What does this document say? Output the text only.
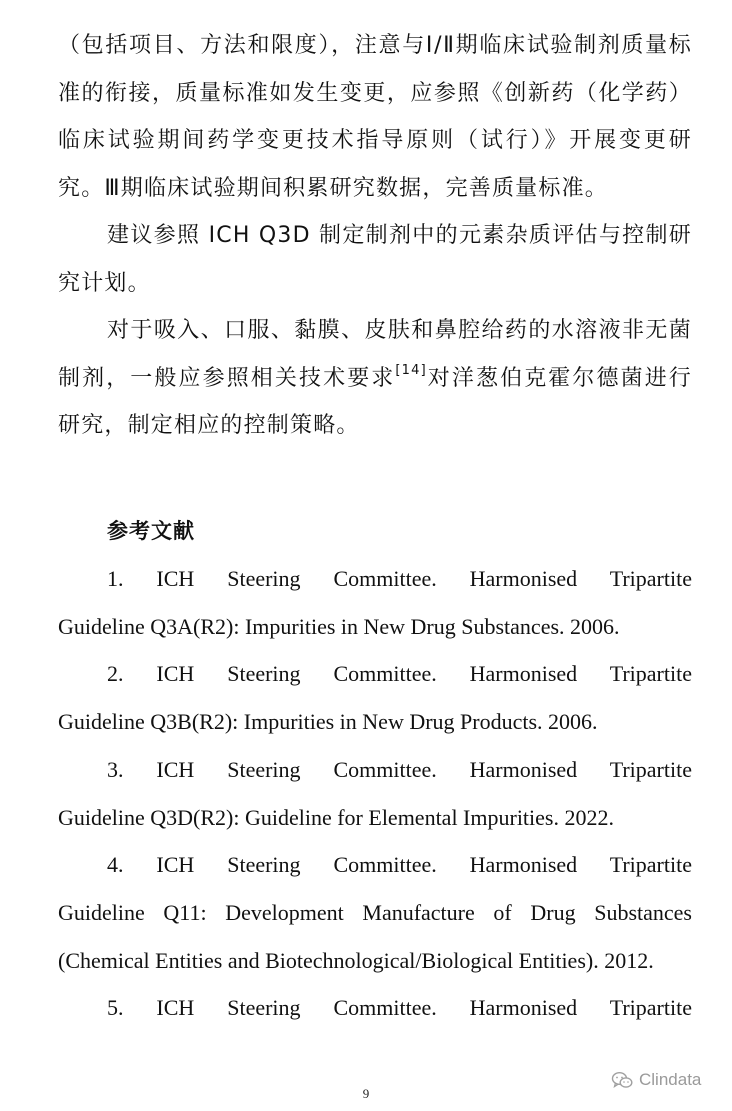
（包括项目、方法和限度），注意与Ⅰ/Ⅱ期临床试验制剂质量标准的衔接，质量标准如发生变更，应参照《创新药（化学药）临床试验期间药学变更技术指导原则（试行）》开展变更研究。Ⅲ期临床试验期间积累研究数据，完善质量标准。

建议参照 ICH Q3D 制定制剂中的元素杂质评估与控制研究计划。

对于吸入、口服、黏膜、皮肤和鼻腔给药的水溶液非无菌制剂，一般应参照相关技术要求[14]对洋葱伯克霍尔德菌进行研究，制定相应的控制策略。

参考文献

1. ICH Steering Committee. Harmonised Tripartite
Guideline Q3A(R2): Impurities in New Drug Substances. 2006.

2. ICH Steering Committee. Harmonised Tripartite
Guideline Q3B(R2): Impurities in New Drug Products. 2006.

3. ICH Steering Committee. Harmonised Tripartite
Guideline Q3D(R2): Guideline for Elemental Impurities. 2022.

4. ICH Steering Committee. Harmonised Tripartite
Guideline Q11: Development Manufacture of Drug Substances (Chemical Entities and Biotechnological/Biological Entities). 2012.

5. ICH Steering Committee. Harmonised Tripartite

9
Clindata
